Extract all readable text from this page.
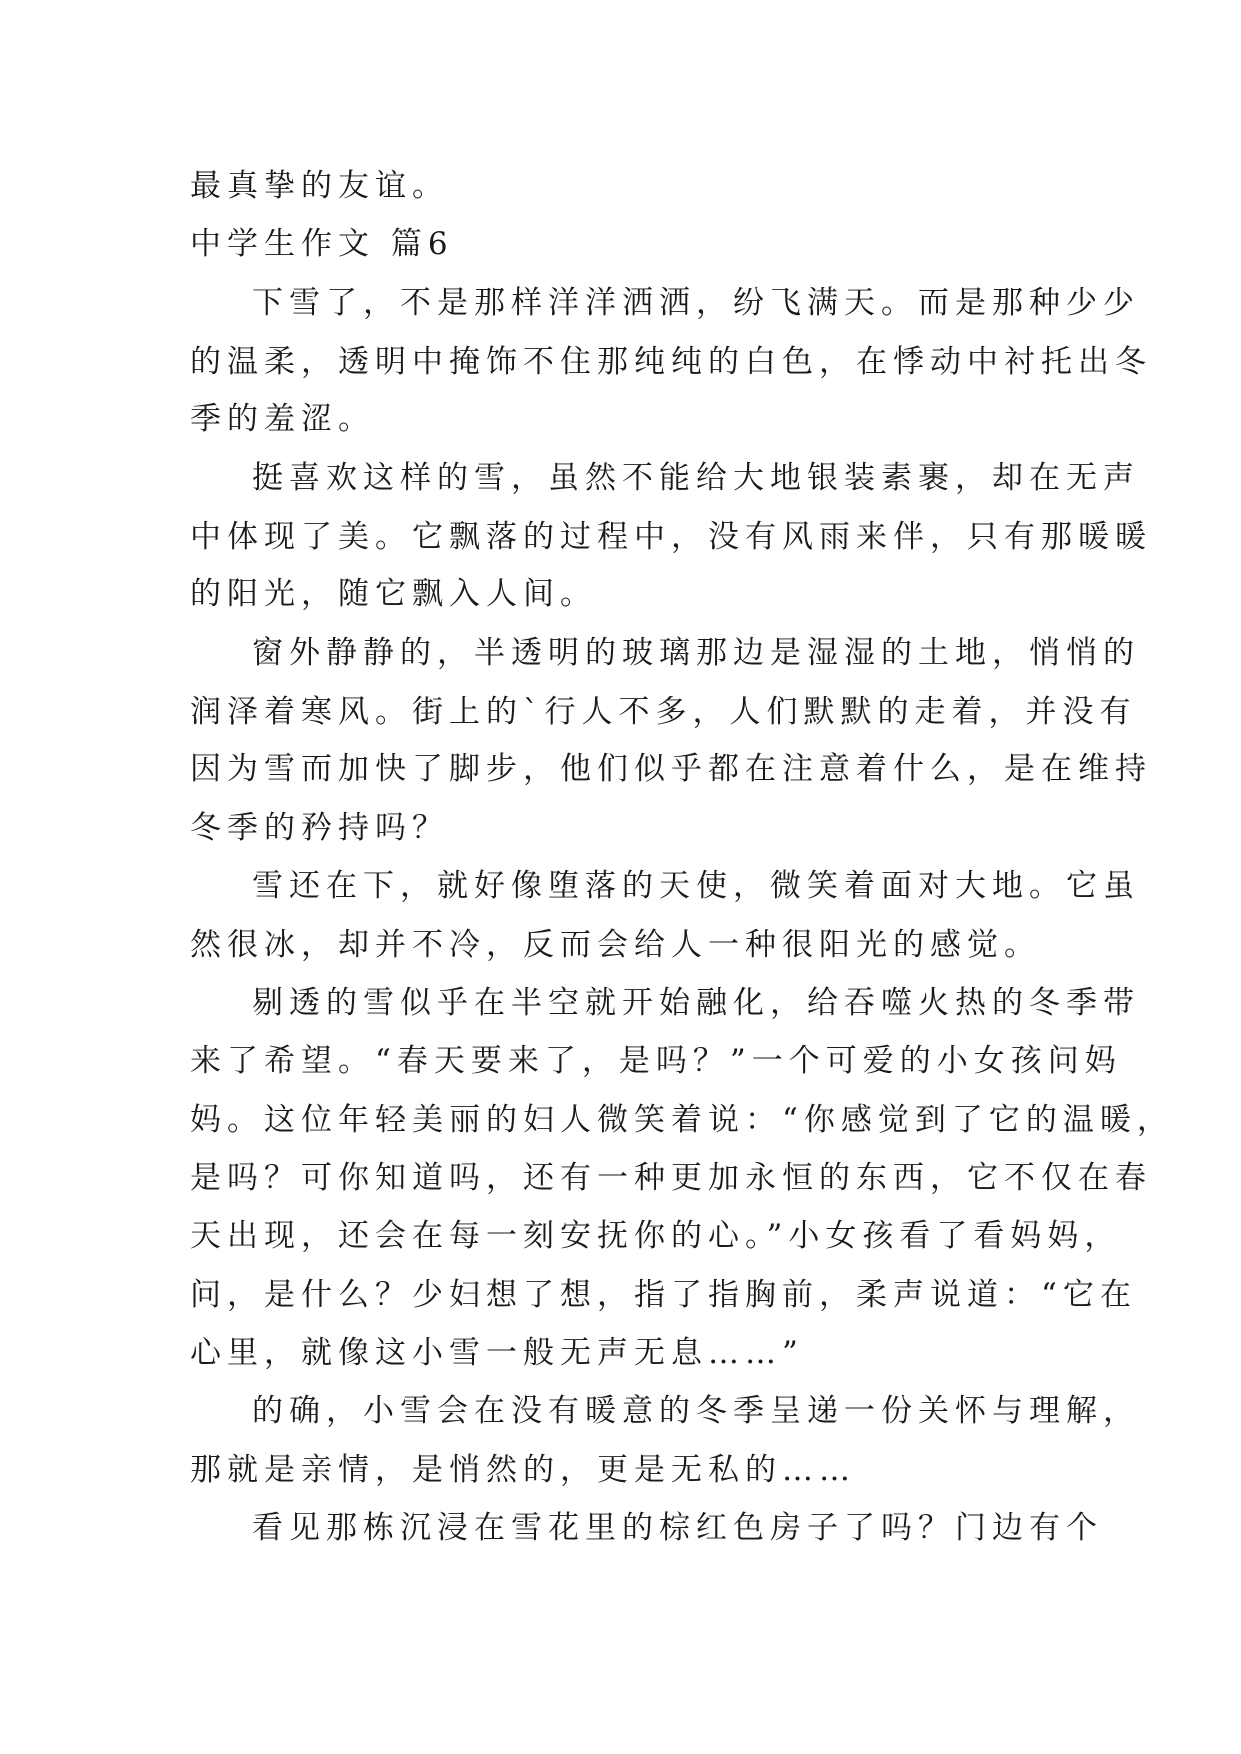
最真挚的友谊。
中学生作文 篇6
下雪了，不是那样洋洋洒洒，纷飞满天。而是那种少少
的温柔，透明中掩饰不住那纯纯的白色，在悸动中衬托出冬
季的羞涩。
挺喜欢这样的雪，虽然不能给大地银装素裹，却在无声
中体现了美。它飘落的过程中，没有风雨来伴，只有那暖暖
的阳光，随它飘入人间。
窗外静静的，半透明的玻璃那边是湿湿的土地，悄悄的
润泽着寒风。街上的`行人不多，人们默默的走着，并没有
因为雪而加快了脚步，他们似乎都在注意着什么，是在维持
冬季的矜持吗？
雪还在下，就好像堕落的天使，微笑着面对大地。它虽
然很冰，却并不冷，反而会给人一种很阳光的感觉。
剔透的雪似乎在半空就开始融化，给吞噬火热的冬季带
来了希望。“春天要来了，是吗？”一个可爱的小女孩问妈
妈。这位年轻美丽的妇人微笑着说：“你感觉到了它的温暖，
是吗？可你知道吗，还有一种更加永恒的东西，它不仅在春
天出现，还会在每一刻安抚你的心。”小女孩看了看妈妈，
问，是什么？少妇想了想，指了指胸前，柔声说道：“它在
心里，就像这小雪一般无声无息……”
的确，小雪会在没有暖意的冬季呈递一份关怀与理解，
那就是亲情，是悄然的，更是无私的……
看见那栋沉浸在雪花里的棕红色房子了吗？门边有个
